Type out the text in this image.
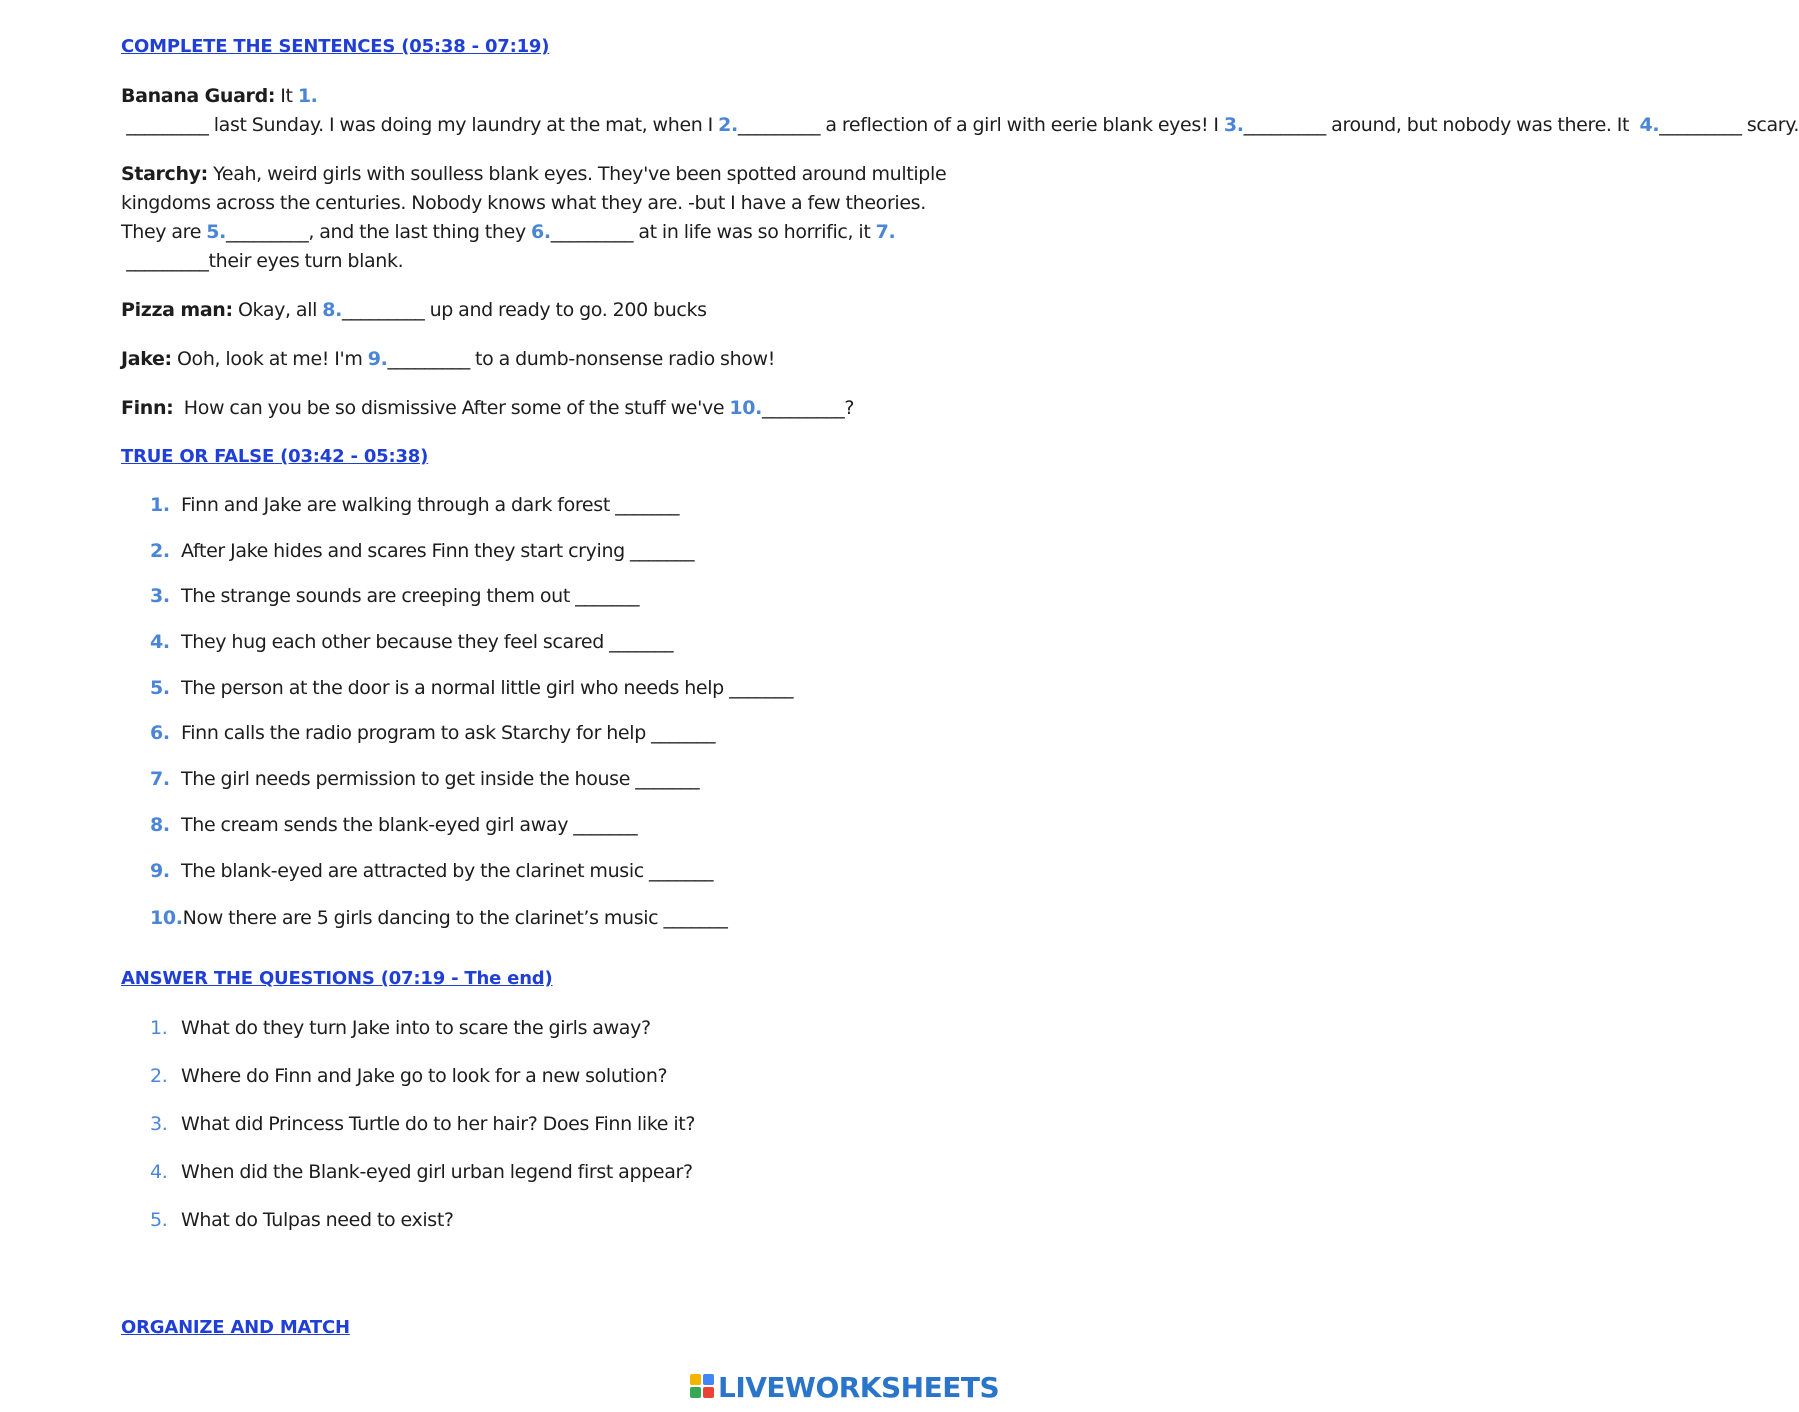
COMPLETE THE SENTENCES (05:38 - 07:19)

Banana Guard: It 1. _________ last Sunday. I was doing my laundry at the mat, when I 2._________ a reflection of a girl with eerie blank eyes! I 3._________ around, but nobody was there. It  4._________ scary.

Starchy: Yeah, weird girls with soulless blank eyes. They've been spotted around multiple kingdoms across the centuries. Nobody knows what they are. -but I have a few theories. They are 5._________, and the last thing they 6._________ at in life was so horrific, it 7. _________their eyes turn blank.

Pizza man: Okay, all 8._________ up and ready to go. 200 bucks

Jake: Ooh, look at me! I'm 9._________ to a dumb-nonsense radio show!

Finn:  How can you be so dismissive After some of the stuff we've 10._________?

TRUE OR FALSE (03:42 - 05:38)
1. Finn and Jake are walking through a dark forest _______
2. After Jake hides and scares Finn they start crying _______
3. The strange sounds are creeping them out _______
4. They hug each other because they feel scared _______
5. The person at the door is a normal little girl who needs help _______
6. Finn calls the radio program to ask Starchy for help _______
7. The girl needs permission to get inside the house _______
8. The cream sends the blank-eyed girl away _______
9. The blank-eyed are attracted by the clarinet music _______
10.Now there are 5 girls dancing to the clarinet’s music _______
ANSWER THE QUESTIONS (07:19 - The end)
1. What do they turn Jake into to scare the girls away?
2. Where do Finn and Jake go to look for a new solution?
3. What did Princess Turtle do to her hair? Does Finn like it?
4. When did the Blank-eyed girl urban legend first appear?
5. What do Tulpas need to exist?
ORGANIZE AND MATCH
LIVEWORKSHEETS
